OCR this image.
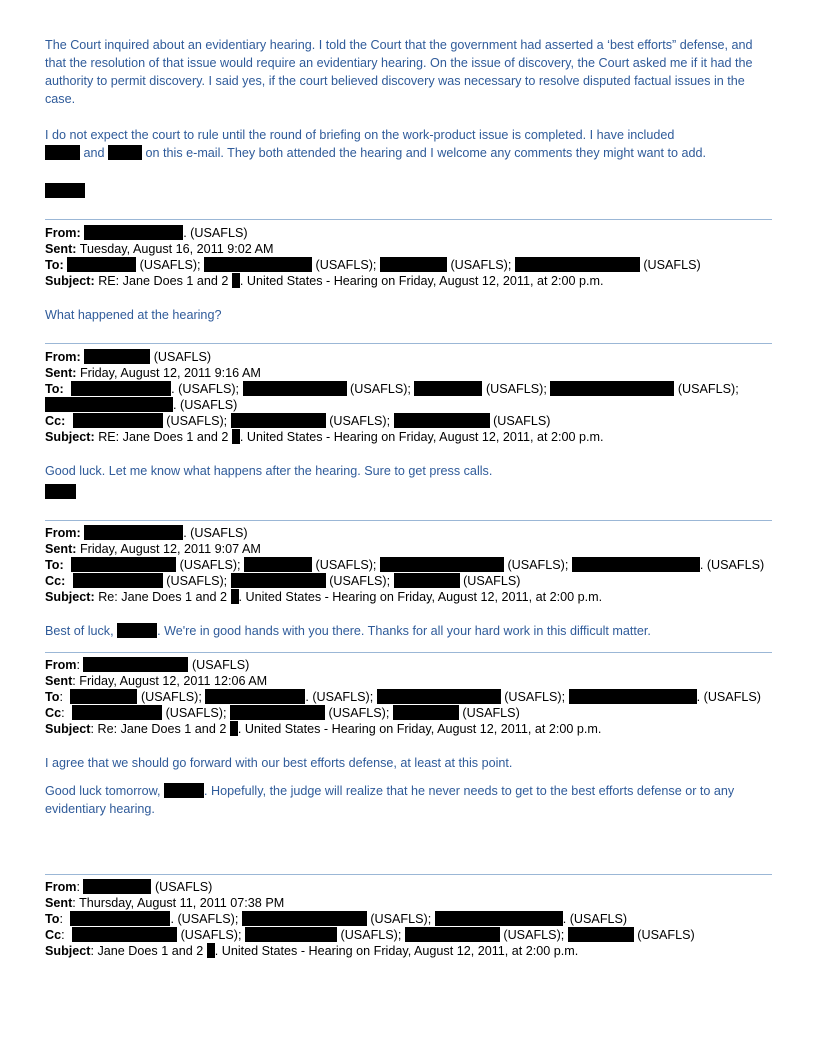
The Court inquired about an evidentiary hearing. I told the Court that the government had asserted a ‘best efforts” defense, and that the resolution of that issue would require an evidentiary hearing. On the issue of discovery, the Court asked me if it had the authority to permit discovery. I said yes, if the court believed discovery was necessary to resolve disputed factual issues in the case.

I do not expect the court to rule until the round of briefing on the work-product issue is completed. I have included
and	on this e-mail. They both attended the hearing and I welcome any comments they might want to add.

From:	. (USAFLS)

Sent: Tuesday, August 16, 2011 9:02 AM

To:	(USAFLS);	(USAFLS);	(USAFLS);	(USAFLS)

Subject: RE: Jane Does 1 and 2 . United States - Hearing on Friday, August 12, 2011, at 2:00 p.m.

What happened at the hearing?

From:	(USAFLS)

Sent: Friday, August 12, 2011 9:16 AM

To:	. (USAFLS);	(USAFLS);	(USAFLS);	(USAFLS);

. (USAFLS)

Cc:	(USAFLS);	(USAFLS);	(USAFLS)

Subject: RE: Jane Does 1 and 2 . United States - Hearing on Friday, August 12, 2011, at 2:00 p.m.

Good luck. Let me know what happens after the hearing. Sure to get press calls.

From:	. (USAFLS)

Sent: Friday, August 12, 2011 9:07 AM

To:	(USAFLS);	(USAFLS);	(USAFLS);	. (USAFLS)

Cc:	(USAFLS);	(USAFLS);	(USAFLS)

Subject: Re: Jane Does 1 and 2 . United States - Hearing on Friday, August 12, 2011, at 2:00 p.m.

Best of luck,	. We're in good hands with you there. Thanks for all your hard work in this difficult matter.

From:	(USAFLS)

Sent: Friday, August 12, 2011 12:06 AM

To:	(USAFLS);	. (USAFLS);	(USAFLS);	. (USAFLS)

Cc:	(USAFLS);	(USAFLS);	(USAFLS)

Subject: Re: Jane Does 1 and 2 . United States - Hearing on Friday, August 12, 2011, at 2:00 p.m.

I agree that we should go forward with our best efforts defense, at least at this point.

Good luck tomorrow,	. Hopefully, the judge will realize that he never needs to get to the best efforts defense or to any evidentiary hearing.

From:	(USAFLS)

Sent: Thursday, August 11, 2011 07:38 PM

To:	. (USAFLS);	(USAFLS);	. (USAFLS)

Cc:	(USAFLS);	(USAFLS);	(USAFLS);	(USAFLS)

Subject: Jane Does 1 and 2 . United States - Hearing on Friday, August 12, 2011, at 2:00 p.m.
